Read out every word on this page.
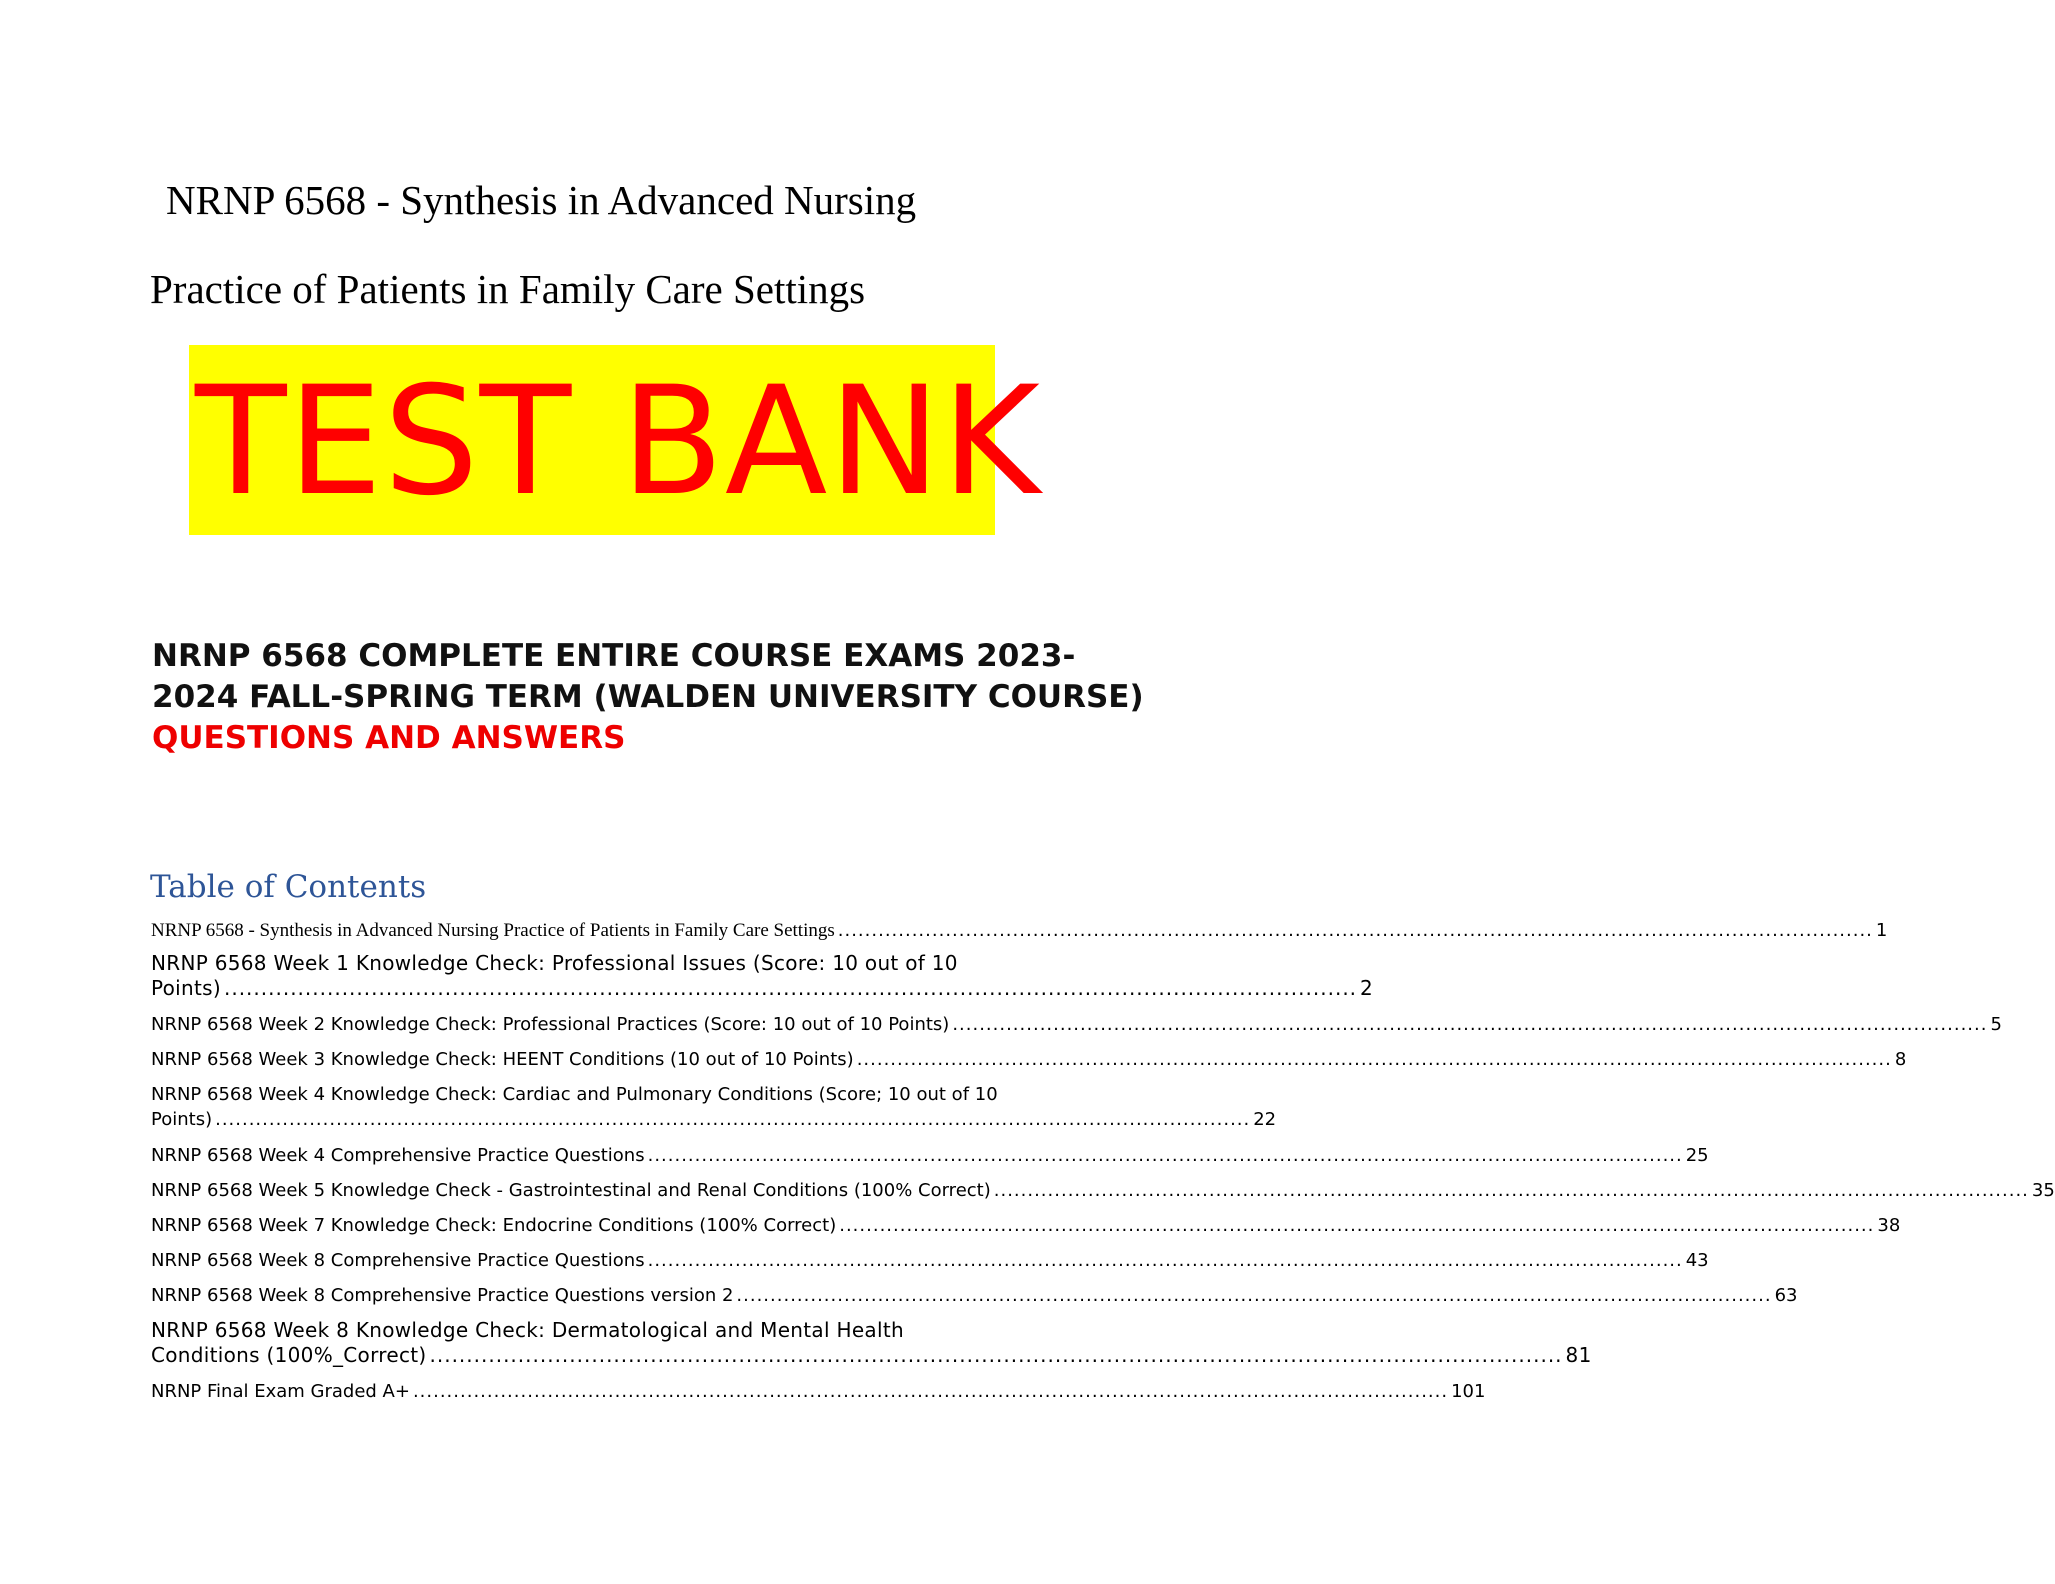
NRNP 6568 - Synthesis in Advanced Nursing
Practice of Patients in Family Care Settings
TEST BANK
NRNP 6568 COMPLETE ENTIRE COURSE EXAMS 2023-2024 FALL-SPRING TERM (WALDEN UNIVERSITY COURSE) QUESTIONS AND ANSWERS
Table of Contents
NRNP 6568 - Synthesis in Advanced Nursing Practice of Patients in Family Care Settings .......................................................................................................................................................... 1
NRNP 6568 Week 1 Knowledge Check: Professional Issues (Score: 10 out of 10
Points) .......................................................................................................................................................... 2
NRNP 6568 Week 2 Knowledge Check: Professional Practices (Score: 10 out of 10 Points) .......................................................................................................................................................... 5
NRNP 6568 Week 3 Knowledge Check: HEENT Conditions (10 out of 10 Points) .......................................................................................................................................................... 8
NRNP 6568 Week 4 Knowledge Check: Cardiac and Pulmonary Conditions (Score; 10 out of 10
Points) .......................................................................................................................................................... 22
NRNP 6568 Week 4 Comprehensive Practice Questions .......................................................................................................................................................... 25
NRNP 6568 Week 5 Knowledge Check - Gastrointestinal and Renal Conditions (100% Correct) .......................................................................................................................................................... 35
NRNP 6568 Week 7 Knowledge Check: Endocrine Conditions (100% Correct) .......................................................................................................................................................... 38
NRNP 6568 Week 8 Comprehensive Practice Questions .......................................................................................................................................................... 43
NRNP 6568 Week 8 Comprehensive Practice Questions version 2 .......................................................................................................................................................... 63
NRNP 6568 Week 8 Knowledge Check: Dermatological and Mental Health
Conditions (100%_Correct) .......................................................................................................................................................... 81
NRNP Final Exam Graded A+ .......................................................................................................................................................... 101
